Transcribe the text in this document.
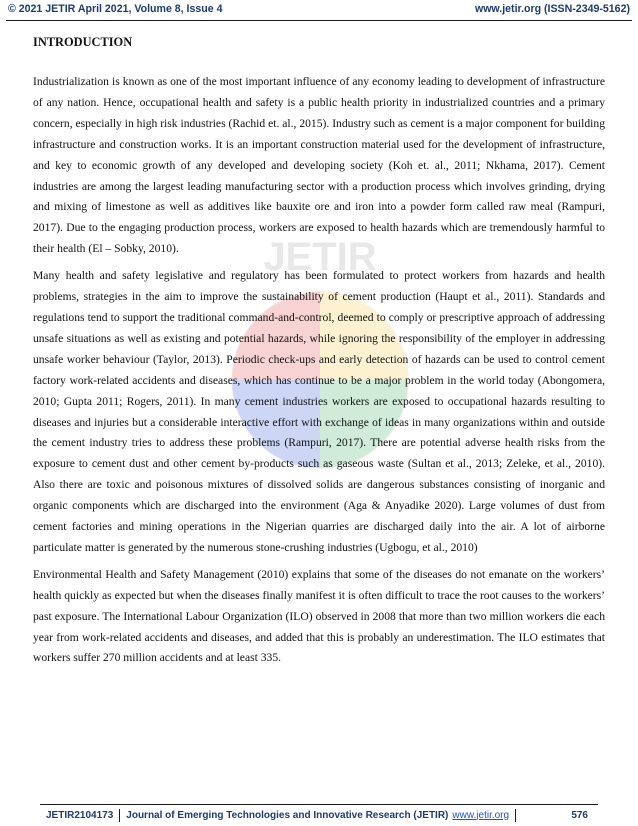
© 2021 JETIR April 2021, Volume 8, Issue 4	www.jetir.org (ISSN-2349-5162)
JETIR
INTRODUCTION

Industrialization is known as one of the most important influence of any economy leading to development of infrastructure of any nation. Hence, occupational health and safety is a public health priority in industrialized countries and a primary concern, especially in high risk industries (Rachid et. al., 2015). Industry such as cement is a major component for building infrastructure and construction works. It is an important construction material used for the development of infrastructure, and key to economic growth of any developed and developing society (Koh et. al., 2011; Nkhama, 2017). Cement industries are among the largest leading manufacturing sector with a production process which involves grinding, drying and mixing of limestone as well as additives like bauxite ore and iron into a powder form called raw meal (Rampuri, 2017). Due to the engaging production process, workers are exposed to health hazards which are tremendously harmful to their health (El – Sobky, 2010).

Many health and safety legislative and regulatory has been formulated to protect workers from hazards and health problems, strategies in the aim to improve the sustainability of cement production (Haupt et al., 2011). Standards and regulations tend to support the traditional command-and-control, deemed to comply or prescriptive approach of addressing unsafe situations as well as existing and potential hazards, while ignoring the responsibility of the employer in addressing unsafe worker behaviour (Taylor, 2013). Periodic check-ups and early detection of hazards can be used to control cement factory work-related accidents and diseases, which has continue to be a major problem in the world today (Abongomera, 2010; Gupta 2011; Rogers, 2011). In many cement industries workers are exposed to occupational hazards resulting to diseases and injuries but a considerable interactive effort with exchange of ideas in many organizations within and outside the cement industry tries to address these problems (Rampuri, 2017). There are potential adverse health risks from the exposure to cement dust and other cement by-products such as gaseous waste (Sultan et al., 2013; Zeleke, et al., 2010). Also there are toxic and poisonous mixtures of dissolved solids are dangerous substances consisting of inorganic and organic components which are discharged into the environment (Aga & Anyadike 2020). Large volumes of dust from cement factories and mining operations in the Nigerian quarries are discharged daily into the air. A lot of airborne particulate matter is generated by the numerous stone-crushing industries (Ugbogu, et al., 2010)

Environmental Health and Safety Management (2010) explains that some of the diseases do not emanate on the workers’ health quickly as expected but when the diseases finally manifest it is often difficult to trace the root causes to the workers’ past exposure. The International Labour Organization (ILO) observed in 2008 that more than two million workers die each year from work-related accidents and diseases, and added that this is probably an underestimation. The ILO estimates that workers suffer 270 million accidents and at least 335.

JETIR2104173 Journal of Emerging Technologies and Innovative Research (JETIR) www.jetir.org	576
